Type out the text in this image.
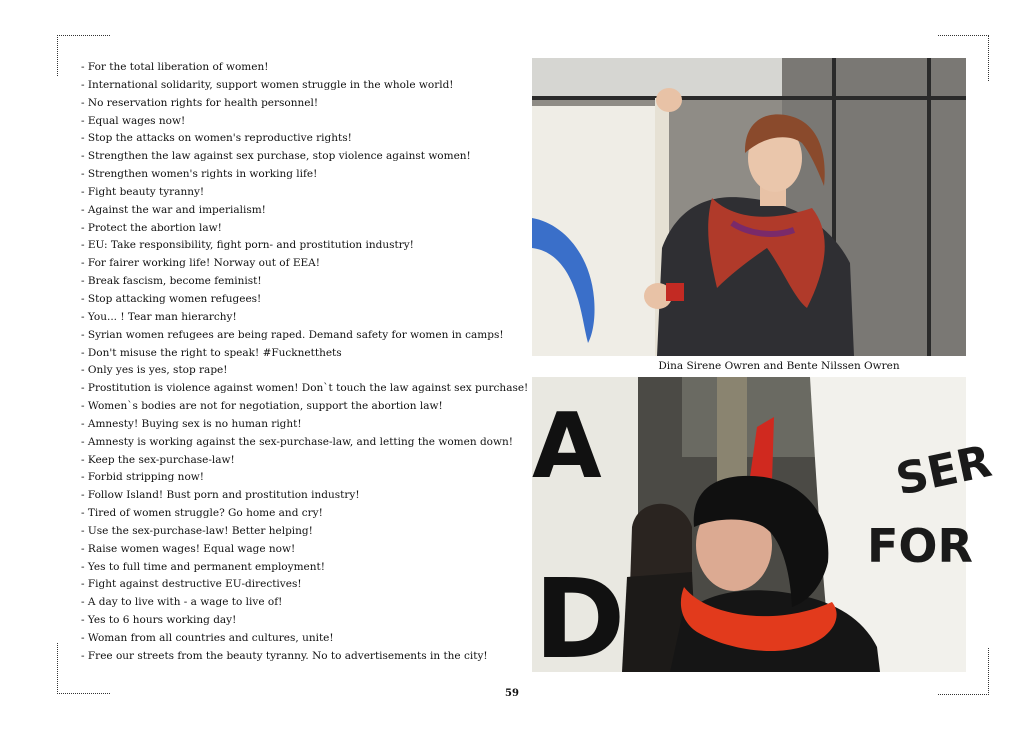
- For the total liberation of women!
- International solidarity, support women struggle in the whole world!
- No reservation rights for health personnel!
- Equal wages now!
- Stop the attacks on women's reproductive rights!
- Strengthen the law against sex purchase, stop violence against women!
- Strengthen women's rights in working life!
- Fight beauty tyranny!
- Against the war and imperialism!
- Protect the abortion law!
- EU: Take responsibility, fight porn- and prostitution industry!
- For fairer working life! Norway out of EEA!
- Break fascism, become feminist!
- Stop attacking women refugees!
- You... ! Tear man hierarchy!
- Syrian women refugees are being raped. Demand safety for women in camps!
- Don't misuse the right to speak! #Fucknetthets
- Only yes is yes, stop rape!
- Prostitution is violence against women! Don`t touch the law against sex purchase!
- Women`s bodies are not for negotiation, support the abortion law!
- Amnesty! Buying sex is no human right!
- Amnesty is working against the sex-purchase-law, and letting the women down!
- Keep the sex-purchase-law!
- Forbid stripping now!
- Follow Island! Bust porn and prostitution industry!
- Tired of women struggle? Go home and cry!
- Use the sex-purchase-law! Better helping!
- Raise women wages! Equal wage now!
- Yes to full time and permanent employment!
- Fight against destructive EU-directives!
- A day to live with - a wage to live of!
- Yes to 6 hours working day!
- Woman from all countries and cultures, unite!
- Free our streets from the beauty tyranny. No to advertisements in the city!
Dina Sirene Owren and Bente Nilssen Owren
A
D
SER
FOR
59
